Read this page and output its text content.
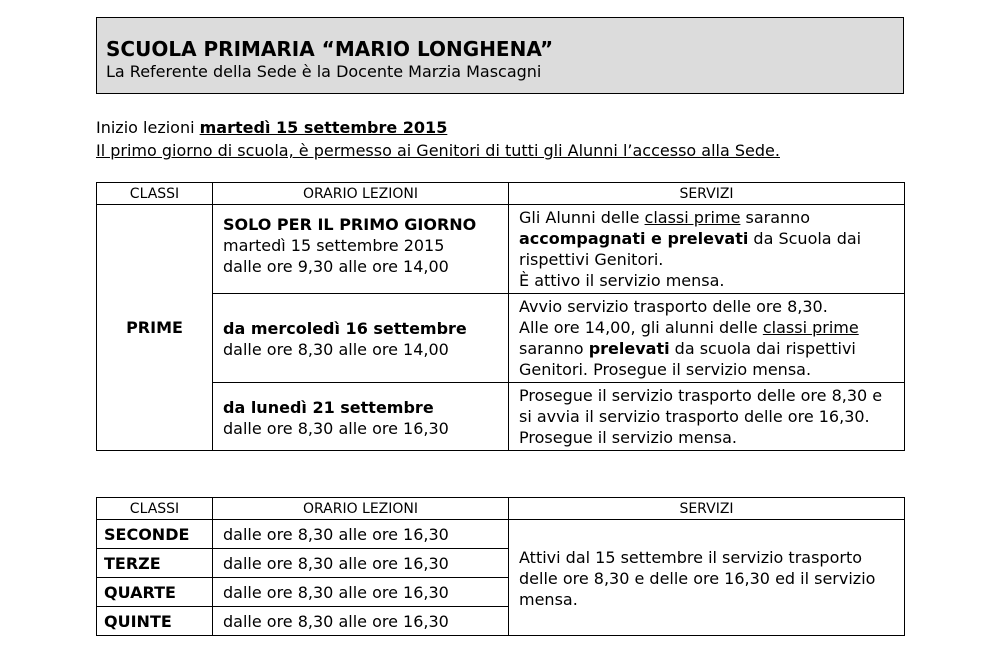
SCUOLA PRIMARIA “MARIO LONGHENA”
La Referente della Sede è la Docente Marzia Mascagni
Inizio lezioni martedì 15 settembre 2015
Il primo giorno di scuola, è permesso ai Genitori di tutti gli Alunni l’accesso alla Sede.
CLASSI	ORARIO LEZIONI	SERVIZI
PRIME	SOLO PER IL PRIMO GIORNO
martedì 15 settembre 2015
dalle ore 9,30 alle ore 14,00	Gli Alunni delle classi prime saranno
accompagnati e prelevati da Scuola dai
rispettivi Genitori.
È attivo il servizio mensa.

	da mercoledì 16 settembre
dalle ore 8,30 alle ore 14,00	Avvio servizio trasporto delle ore 8,30.
Alle ore 14,00, gli alunni delle classi prime
saranno prelevati da scuola dai rispettivi
Genitori. Prosegue il servizio mensa.

	da lunedì 21 settembre
dalle ore 8,30 alle ore 16,30	Prosegue il servizio trasporto delle ore 8,30 e
si avvia il servizio trasporto delle ore 16,30.
Prosegue il servizio mensa.
CLASSI	ORARIO LEZIONI	SERVIZI
SECONDE	dalle ore 8,30 alle ore 16,30	Attivi dal 15 settembre il servizio trasporto
delle ore 8,30 e delle ore 16,30 ed il servizio
mensa.

TERZE	dalle ore 8,30 alle ore 16,30	
QUARTE	dalle ore 8,30 alle ore 16,30	
QUINTE	dalle ore 8,30 alle ore 16,30	
